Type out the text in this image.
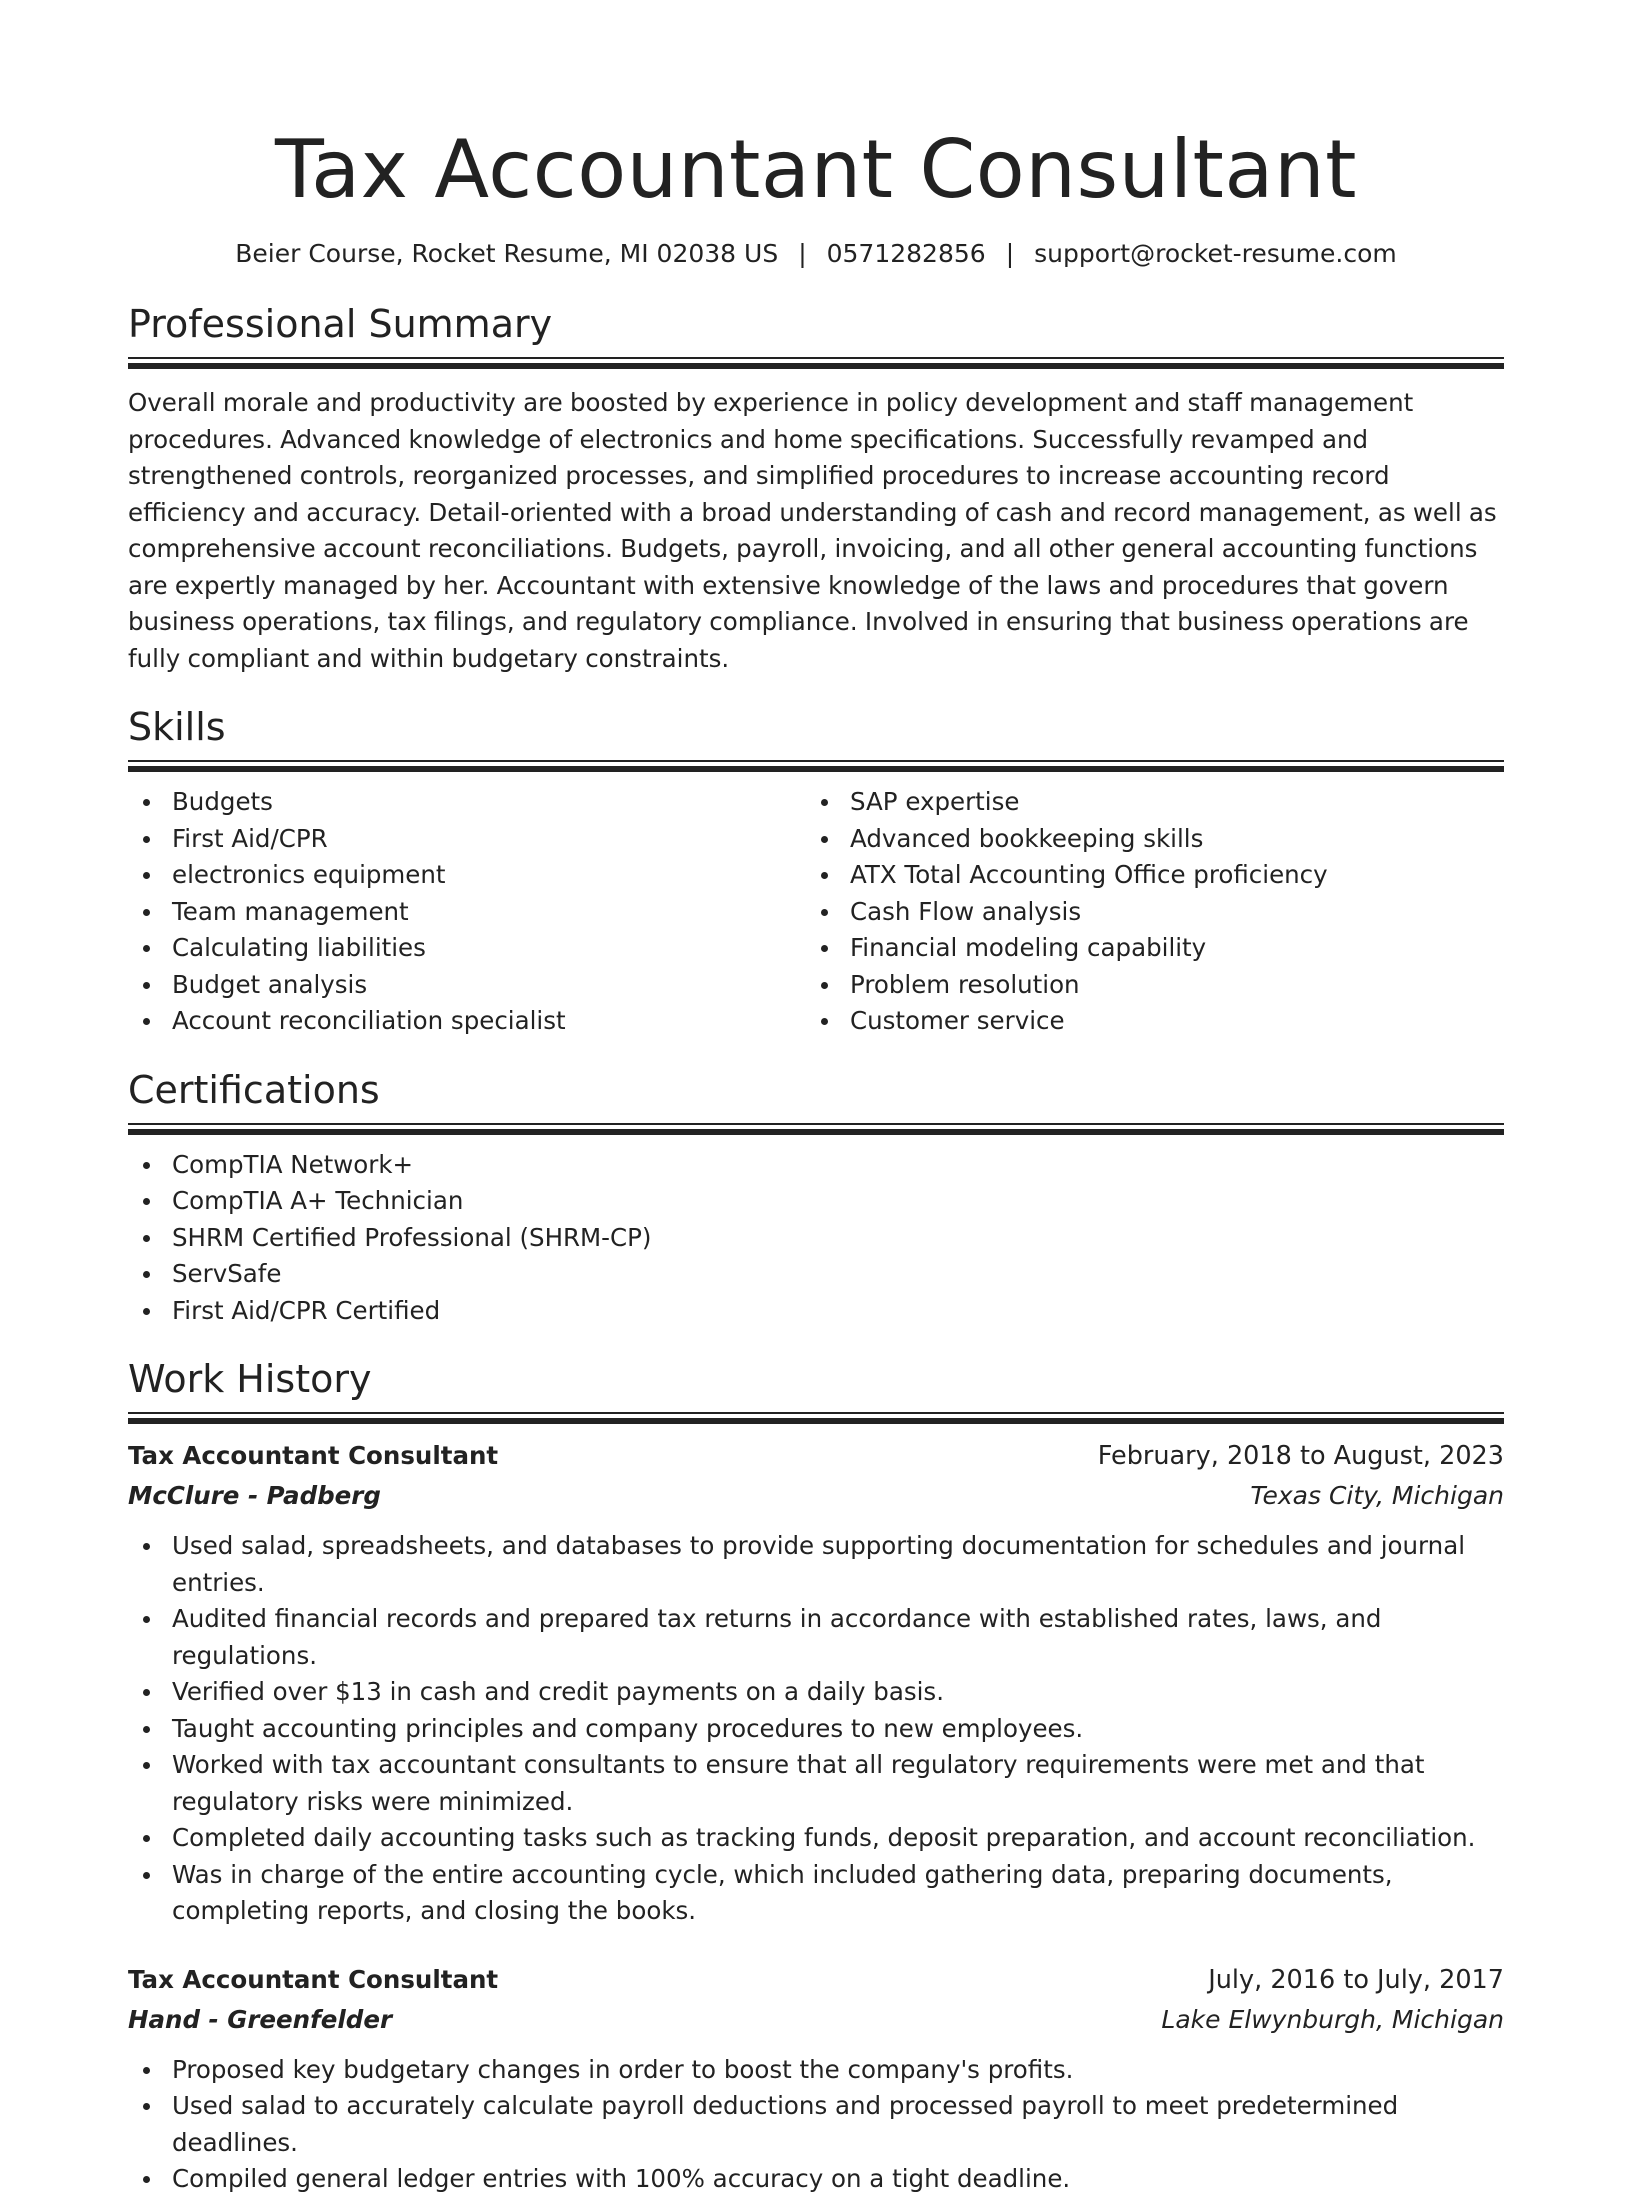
Tax Accountant Consultant
Beier Course, Rocket Resume, MI 02038 US | 0571282856 | support@rocket-resume.com
Professional Summary

Overall morale and productivity are boosted by experience in policy development and staff management procedures. Advanced knowledge of electronics and home specifications. Successfully revamped and strengthened controls, reorganized processes, and simplified procedures to increase accounting record efficiency and accuracy. Detail-oriented with a broad understanding of cash and record management, as well as comprehensive account reconciliations. Budgets, payroll, invoicing, and all other general accounting functions are expertly managed by her. Accountant with extensive knowledge of the laws and procedures that govern business operations, tax filings, and regulatory compliance. Involved in ensuring that business operations are fully compliant and within budgetary constraints.

Skills
Budgets
First Aid/CPR
electronics equipment
Team management
Calculating liabilities
Budget analysis
Account reconciliation specialist
SAP expertise
Advanced bookkeeping skills
ATX Total Accounting Office proficiency
Cash Flow analysis
Financial modeling capability
Problem resolution
Customer service
Certifications
CompTIA Network+
CompTIA A+ Technician
SHRM Certified Professional (SHRM-CP)
ServSafe
First Aid/CPR Certified
Work History
Tax Accountant Consultant	February, 2018 to August, 2023
McClure - Padberg	Texas City, Michigan
Used salad, spreadsheets, and databases to provide supporting documentation for schedules and journal entries.
Audited financial records and prepared tax returns in accordance with established rates, laws, and regulations.
Verified over $13 in cash and credit payments on a daily basis.
Taught accounting principles and company procedures to new employees.
Worked with tax accountant consultants to ensure that all regulatory requirements were met and that regulatory risks were minimized.
Completed daily accounting tasks such as tracking funds, deposit preparation, and account reconciliation.
Was in charge of the entire accounting cycle, which included gathering data, preparing documents, completing reports, and closing the books.
Tax Accountant Consultant	July, 2016 to July, 2017
Hand - Greenfelder	Lake Elwynburgh, Michigan
Proposed key budgetary changes in order to boost the company's profits.
Used salad to accurately calculate payroll deductions and processed payroll to meet predetermined deadlines.
Compiled general ledger entries with 100% accuracy on a tight deadline.
